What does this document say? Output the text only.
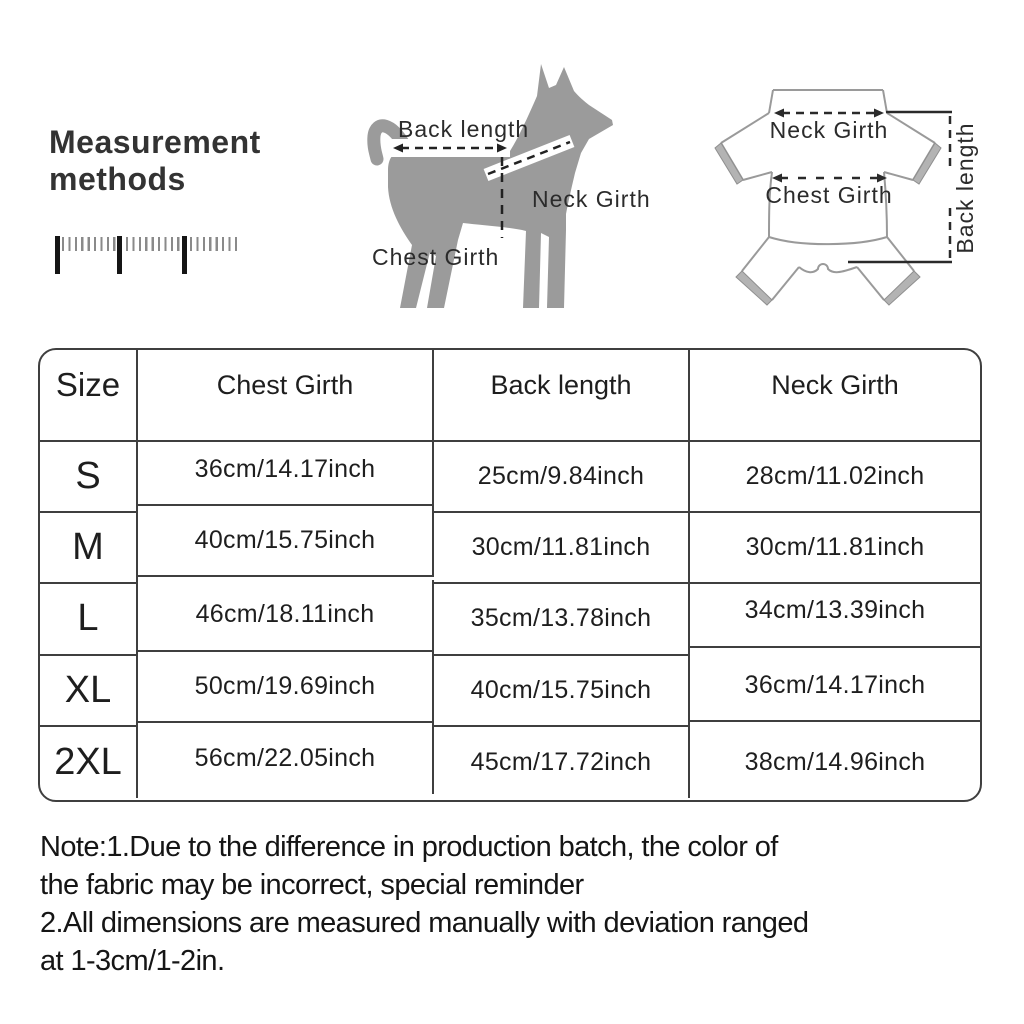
Measurement
methods
Back length
Neck Girth
Chest Girth
Neck Girth
Chest Girth	Back length
Size	Chest Girth	Back length	Neck Girth
S	36cm/14.17inch	25cm/9.84inch	28cm/11.02inch
M	40cm/15.75inch	30cm/11.81inch	30cm/11.81inch
L	46cm/18.11inch	35cm/13.78inch	34cm/13.39inch
XL	50cm/19.69inch	40cm/15.75inch	36cm/14.17inch
2XL	56cm/22.05inch	45cm/17.72inch	38cm/14.96inch
Note:1.Due to the difference in production batch, the color of
the fabric may be incorrect, special reminder
2.All dimensions are measured manually with deviation ranged
at 1-3cm/1-2in.
